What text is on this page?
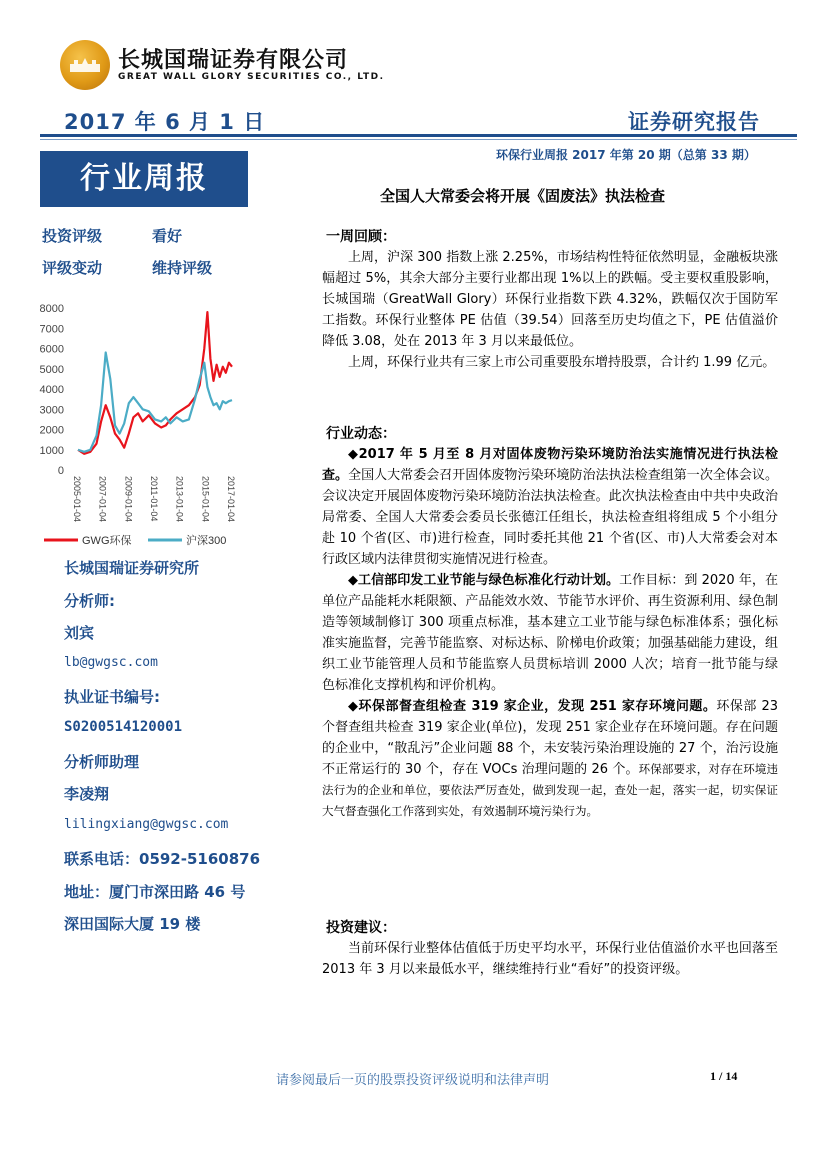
长城国瑞证券有限公司
GREAT WALL GLORY SECURITIES CO., LTD.
2017 年 6 月 1 日	证券研究报告
环保行业周报 2017 年第 20 期（总第 33 期）
行业周报	全国人大常委会将开展《固废法》执法检查
投资评级	看好
评级变动	维持评级
0
1000
2000
3000
4000
5000
6000
7000
8000
2005-01-04 2007-01-04 2009-01-04 2011-01-04 2013-01-04 2015-01-04 2017-01-04
GWG环保	沪深300
长城国瑞证券研究所
分析师:
刘宾
lb@gwgsc.com
执业证书编号:
S0200514120001
分析师助理
李凌翔
lilingxiang@gwgsc.com
联系电话：0592-5160876
地址：厦门市深田路 46 号
深田国际大厦 19 楼
一周回顾：

上周，沪深 300 指数上涨 2.25%，市场结构性特征依然明显，金融板块涨幅超过 5%，其余大部分主要行业都出现 1%以上的跌幅。受主要权重股影响，长城国瑞（GreatWall Glory）环保行业指数下跌 4.32%，跌幅仅次于国防军工指数。环保行业整体 PE 估值（39.54）回落至历史均值之下，PE 估值溢价降低 3.08，处在 2013 年 3 月以来最低位。

上周，环保行业共有三家上市公司重要股东增持股票，合计约 1.99 亿元。

行业动态：

◆2017 年 5 月至 8 月对固体废物污染环境防治法实施情况进行执法检查。全国人大常委会召开固体废物污染环境防治法执法检查组第一次全体会议。会议决定开展固体废物污染环境防治法执法检查。此次执法检查由中共中央政治局常委、全国人大常委会委员长张德江任组长，执法检查组将组成 5 个小组分赴 10 个省(区、市)进行检查，同时委托其他 21 个省(区、市)人大常委会对本行政区域内法律贯彻实施情况进行检查。

◆工信部印发工业节能与绿色标准化行动计划。工作目标：到 2020 年，在单位产品能耗水耗限额、产品能效水效、节能节水评价、再生资源利用、绿色制造等领域制修订 300 项重点标准，基本建立工业节能与绿色标准体系；强化标准实施监督，完善节能监察、对标达标、阶梯电价政策；加强基础能力建设，组织工业节能管理人员和节能监察人员贯标培训 2000 人次；培育一批节能与绿色标准化支撑机构和评价机构。

◆环保部督查组检查 319 家企业，发现 251 家存环境问题。环保部 23 个督查组共检查 319 家企业(单位)，发现 251 家企业存在环境问题。存在问题的企业中，“散乱污”企业问题 88 个，未安装污染治理设施的 27 个，治污设施不正常运行的 30 个，存在 VOCs 治理问题的 26 个。环保部要求，对存在环境违法行为的企业和单位，要依法严厉查处，做到发现一起，查处一起，落实一起，切实保证大气督查强化工作落到实处，有效遏制环境污染行为。

投资建议：

当前环保行业整体估值低于历史平均水平，环保行业估值溢价水平也回落至 2013 年 3 月以来最低水平，继续维持行业“看好”的投资评级。

请参阅最后一页的股票投资评级说明和法律声明	1 / 14
